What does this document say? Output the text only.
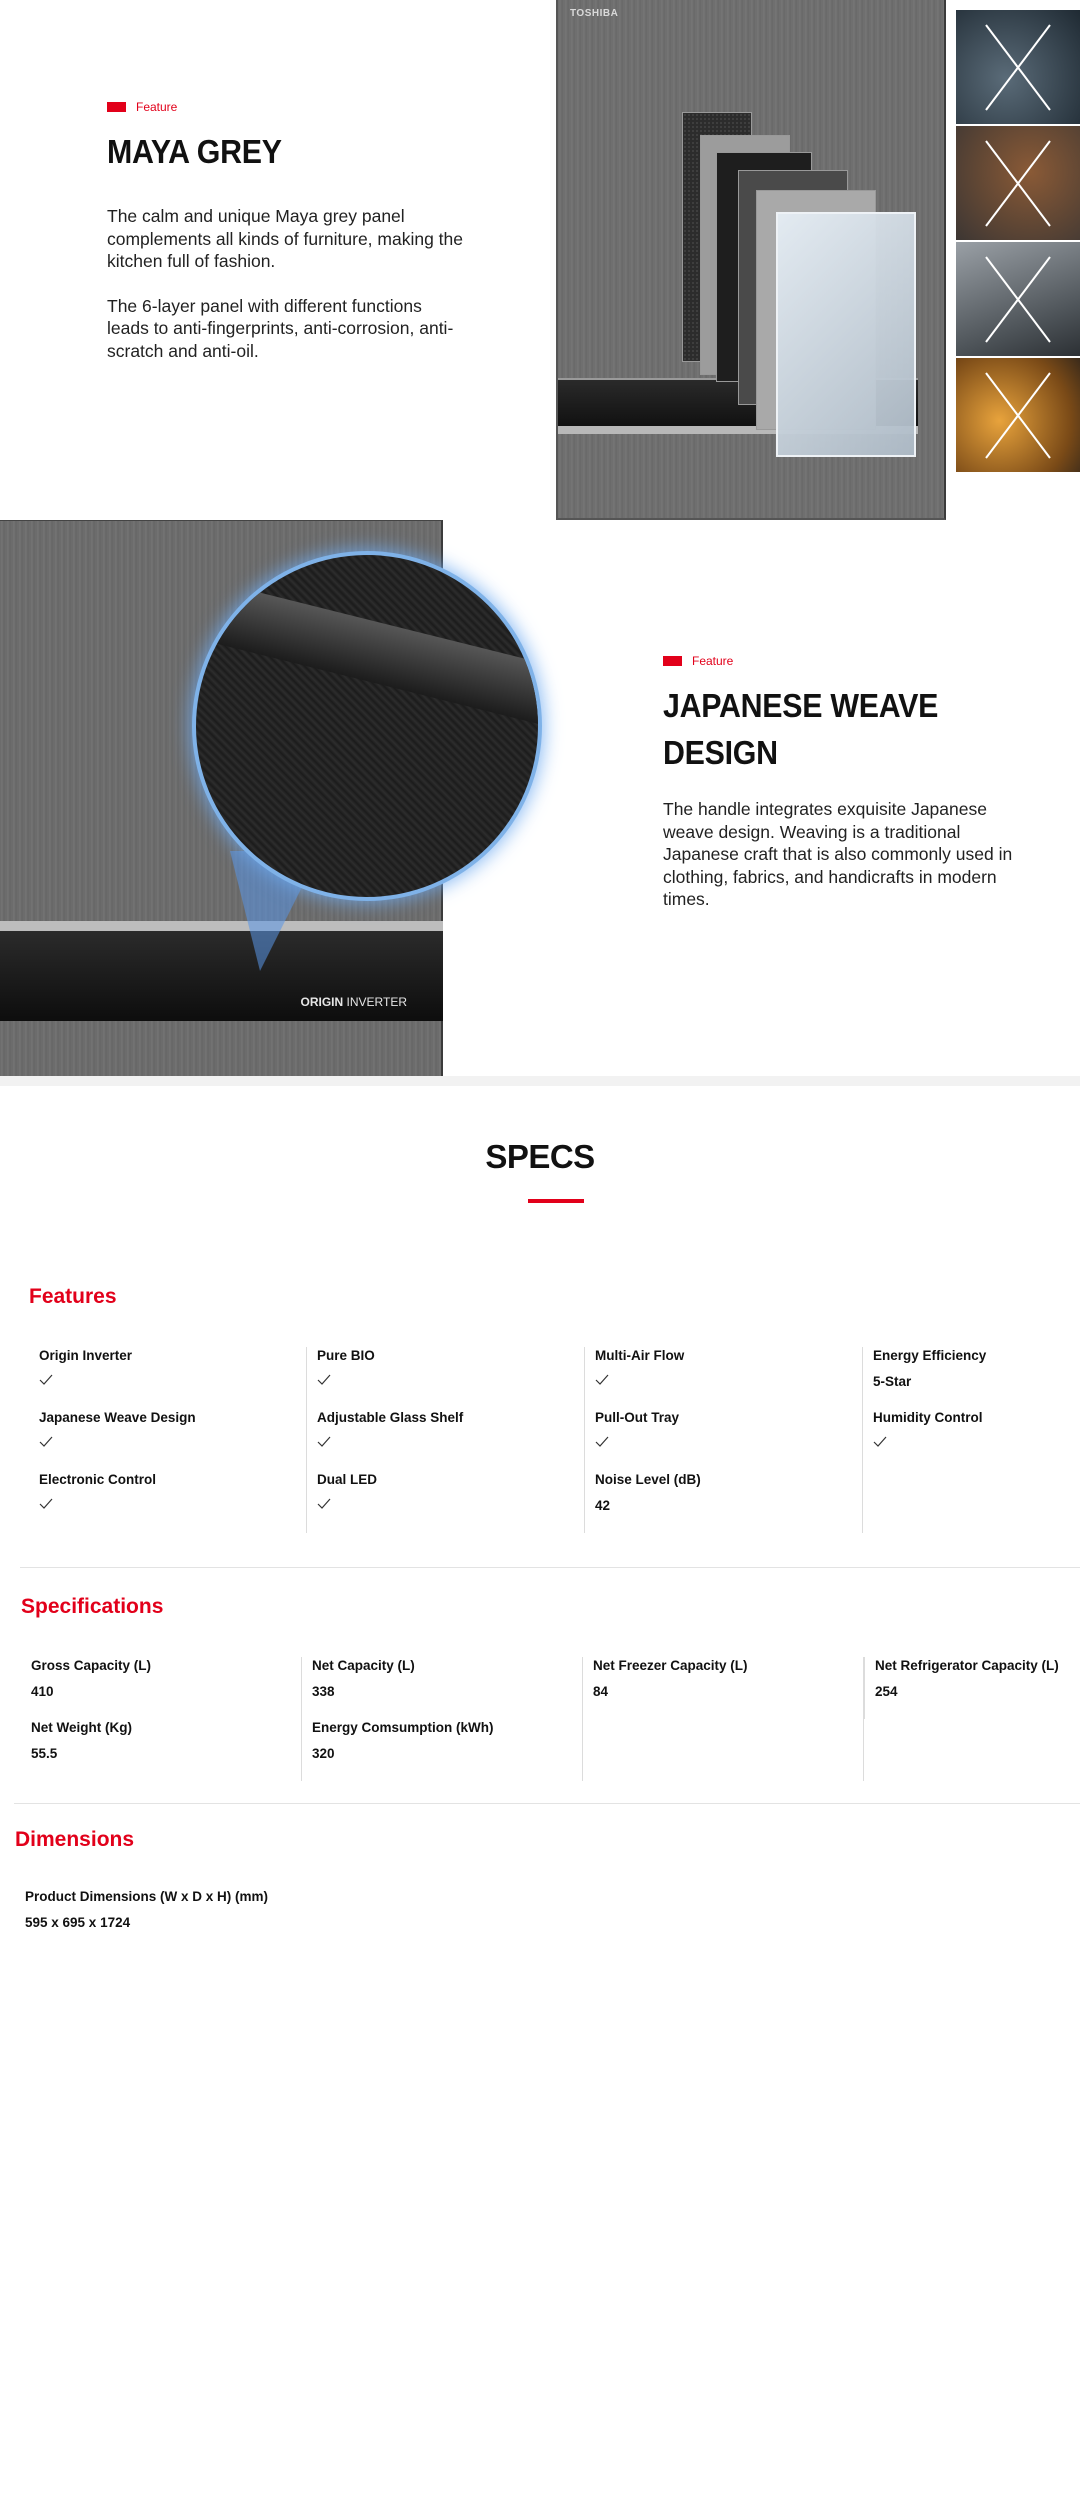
Feature
MAYA GREY

The calm and unique Maya grey panel complements all kinds of furniture, making the kitchen full of fashion.

The 6-layer panel with different functions leads to anti-fingerprints, anti-corrosion, anti-scratch and anti-oil.

TOSHIBA
ORIGIN INVERTER
Feature
JAPANESE WEAVE DESIGN

The handle integrates exquisite Japanese weave design. Weaving is a traditional Japanese craft that is also commonly used in clothing, fabrics, and handicrafts in modern times.

SPECS
Features
Origin Inverter
Japanese Weave Design
Electronic Control
Pure BIO
Adjustable Glass Shelf
Dual LED
Multi-Air Flow
Pull-Out Tray
Noise Level (dB)
42
Energy Efficiency
5-Star
Humidity Control
Specifications
Gross Capacity (L)
410
Net Weight (Kg)
55.5
Net Capacity (L)
338
Energy Comsumption (kWh)
320
Net Freezer Capacity (L)
84
Net Refrigerator Capacity (L)
254
Dimensions
Product Dimensions (W x D x H) (mm)
595 x 695 x 1724
